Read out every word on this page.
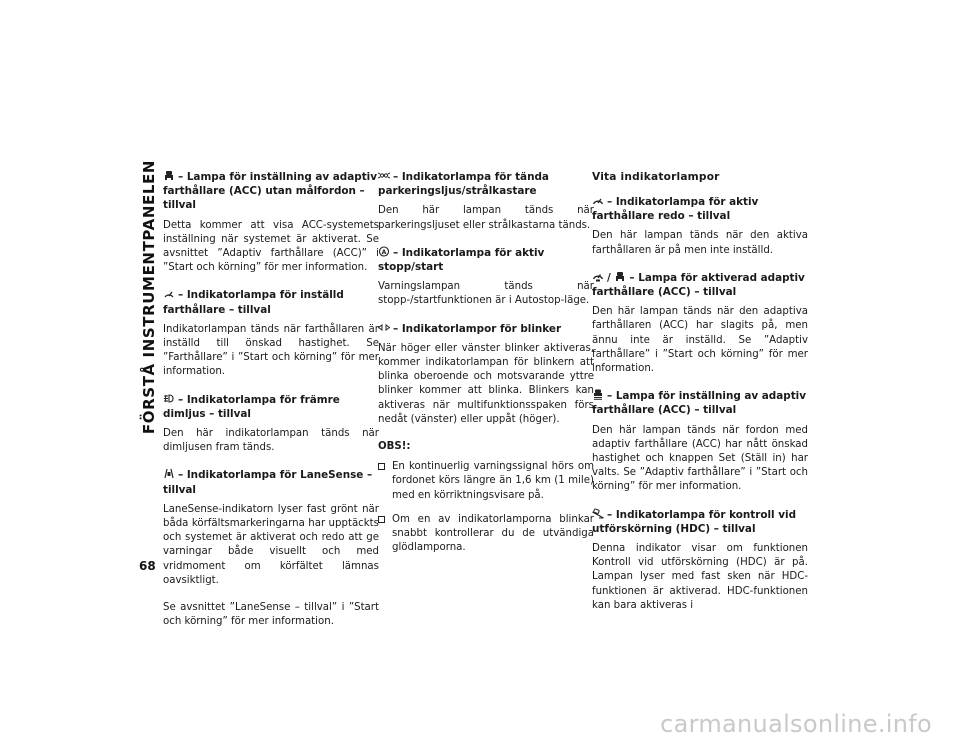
FÖRSTÅ INSTRUMENTPANELEN
68
– Lampa för inställning av adaptiv farthållare (ACC) utan målfordon – tillval

Detta kommer att visa ACC-systemets inställning när systemet är aktiverat. Se avsnittet ”Adaptiv farthållare (ACC)” i ”Start och körning” för mer information.

– Indikatorlampa för inställd farthållare – tillval

Indikatorlampan tänds när farthållaren är inställd till önskad hastighet. Se ”Farthållare” i ”Start och körning” för mer information.

– Indikatorlampa för främre dimljus – tillval

Den här indikatorlampan tänds när dimljusen fram tänds.

– Indikatorlampa för LaneSense – tillval

LaneSense-indikatorn lyser fast grönt när båda körfältsmarkeringarna har upptäckts och systemet är aktiverat och redo att ge varningar både visuellt och med vridmoment om körfältet lämnas oavsiktligt.

Se avsnittet ”LaneSense – tillval” i ”Start och körning” för mer information.

– Indikatorlampa för tända parkeringsljus/strålkastare

Den här lampan tänds när parkeringsljuset eller strålkastarna tänds.

A – Indikatorlampa för aktiv stopp/start

Varningslampan tänds när stopp-/startfunktionen är i Autostop-läge.

– Indikatorlampor för blinker

När höger eller vänster blinker aktiveras, kommer indikatorlampan för blinkern att blinka oberoende och motsvarande yttre blinker kommer att blinka. Blinkers kan aktiveras när multifunktionsspaken förs nedåt (vänster) eller uppåt (höger).

OBS!:
En kontinuerlig varningssignal hörs om fordonet körs längre än 1,6 km (1 mile) med en körriktningsvisare på.
Om en av indikatorlamporna blinkar snabbt kontrollerar du de utvändiga glödlamporna.
Vita indikatorlampor
– Indikatorlampa för aktiv farthållare redo – tillval

Den här lampan tänds när den aktiva farthållaren är på men inte inställd.

/ – Lampa för aktiverad adaptiv farthållare (ACC) – tillval

Den här lampan tänds när den adaptiva farthållaren (ACC) har slagits på, men ännu inte är inställd. Se ”Adaptiv farthållare” i ”Start och körning” för mer information.

– Lampa för inställning av adaptiv farthållare (ACC) – tillval

Den här lampan tänds när fordon med adaptiv farthållare (ACC) har nått önskad hastighet och knappen Set (Ställ in) har valts. Se ”Adaptiv farthållare” i ”Start och körning” för mer information.

– Indikatorlampa för kontroll vid utförskörning (HDC) – tillval

Denna indikator visar om funktionen Kontroll vid utförskörning (HDC) är på. Lampan lyser med fast sken när HDC-funktionen är aktiverad. HDC-funktionen kan bara aktiveras i

carmanualsonline.info
